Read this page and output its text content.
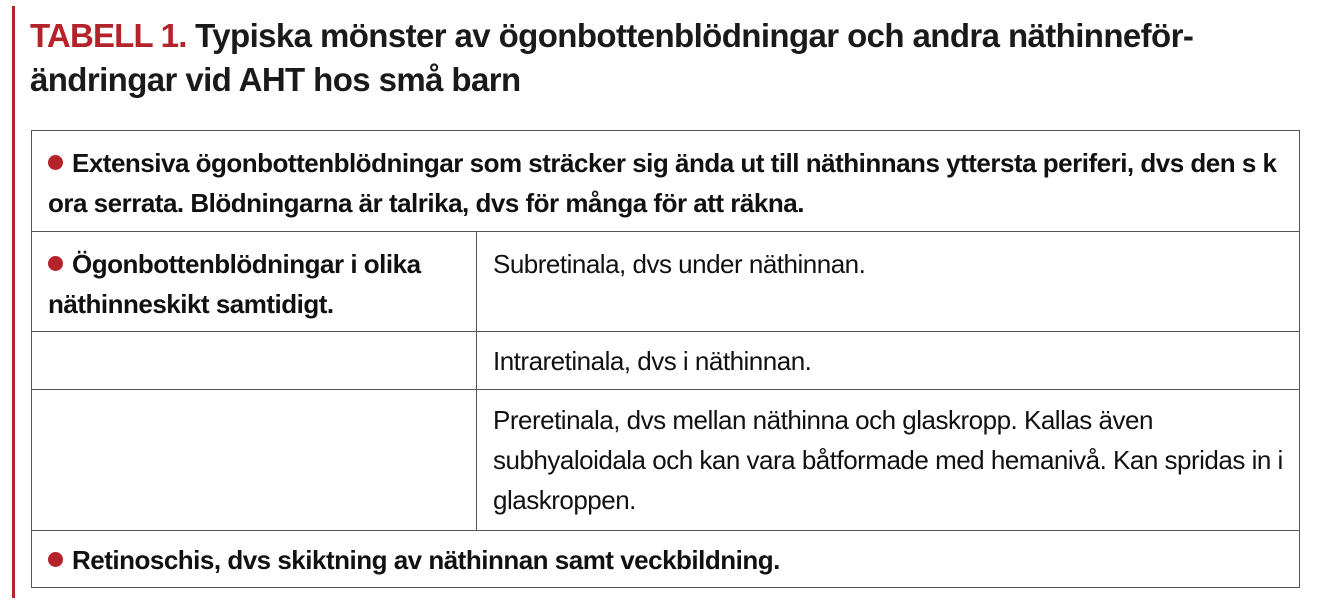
TABELL 1. Typiska mönster av ögonbottenblödningar och andra näthinneför-ändringar vid AHT hos små barn
Extensiva ögonbottenblödningar som sträcker sig ända ut till näthinnans yttersta periferi, dvs den s k ora serrata. Blödningarna är talrika, dvs för många för att räkna.
Ögonbottenblödningar i olika näthinneskikt samtidigt.
Subretinala, dvs under näthinnan.
Intraretinala, dvs i näthinnan.
Preretinala, dvs mellan näthinna och glaskropp. Kallas även subhyaloidala och kan vara båtformade med hemanivå. Kan spridas in i glaskroppen.
Retinoschis, dvs skiktning av näthinnan samt veckbildning.
